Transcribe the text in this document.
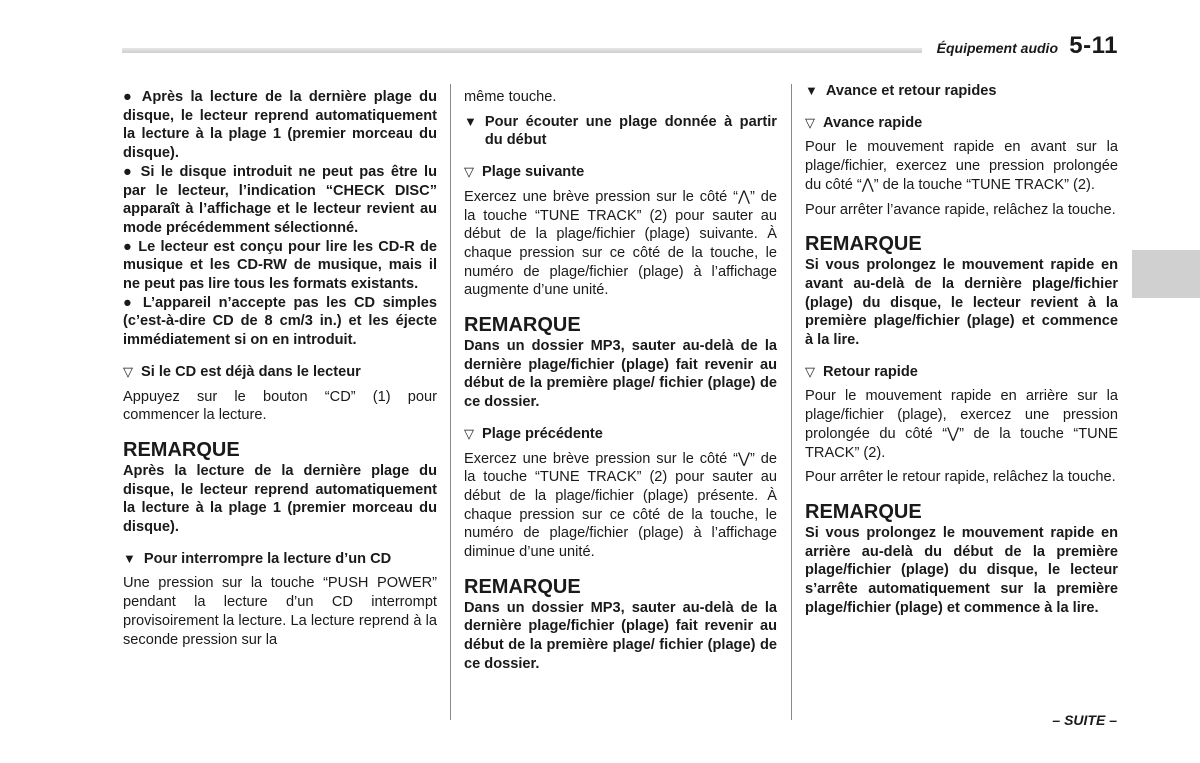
Équipement audio 5-11

● Après la lecture de la dernière plage du disque, le lecteur reprend automatiquement la lecture à la plage 1 (premier morceau du disque).

● Si le disque introduit ne peut pas être lu par le lecteur, l’indication “CHECK DISC” apparaît à l’affichage et le lecteur revient au mode précédemment sélectionné.

● Le lecteur est conçu pour lire les CD-R de musique et les CD-RW de musique, mais il ne peut pas lire tous les formats existants.

● L’appareil n’accepte pas les CD simples (c’est-à-dire CD de 8 cm/3 in.) et les éjecte immédiatement si on en introduit.

▽ Si le CD est déjà dans le lecteur

Appuyez sur le bouton “CD” (1) pour commencer la lecture.

REMARQUE

Après la lecture de la dernière plage du disque, le lecteur reprend automatiquement la lecture à la plage 1 (premier morceau du disque).

▼ Pour interrompre la lecture d’un CD

Une pression sur la touche “PUSH POWER” pendant la lecture d’un CD interrompt provisoirement la lecture. La lecture reprend à la seconde pression sur la

même touche.

▼ Pour écouter une plage donnée à partir du début

▽ Plage suivante

Exercez une brève pression sur le côté “⋀” de la touche “TUNE TRACK” (2) pour sauter au début de la plage/fichier (plage) suivante. À chaque pression sur ce côté de la touche, le numéro de plage/fichier (plage) à l’affichage augmente d’une unité.

REMARQUE

Dans un dossier MP3, sauter au-delà de la dernière plage/fichier (plage) fait revenir au début de la première plage/ fichier (plage) de ce dossier.

▽ Plage précédente

Exercez une brève pression sur le côté “⋁” de la touche “TUNE TRACK” (2) pour sauter au début de la plage/fichier (plage) présente. À chaque pression sur ce côté de la touche, le numéro de plage/fichier (plage) à l’affichage diminue d’une unité.

REMARQUE

Dans un dossier MP3, sauter au-delà de la dernière plage/fichier (plage) fait revenir au début de la première plage/ fichier (plage) de ce dossier.

▼ Avance et retour rapides

▽ Avance rapide

Pour le mouvement rapide en avant sur la plage/fichier, exercez une pression prolongée du côté “⋀” de la touche “TUNE TRACK” (2).

Pour arrêter l’avance rapide, relâchez la touche.

REMARQUE

Si vous prolongez le mouvement rapide en avant au-delà de la dernière plage/fichier (plage) du disque, le lecteur revient à la première plage/fichier (plage) et commence à la lire.

▽ Retour rapide

Pour le mouvement rapide en arrière sur la plage/fichier (plage), exercez une pression prolongée du côté “⋁” de la touche “TUNE TRACK” (2).

Pour arrêter le retour rapide, relâchez la touche.

REMARQUE

Si vous prolongez le mouvement rapide en arrière au-delà du début de la première plage/fichier (plage) du disque, le lecteur s’arrête automatiquement sur la première plage/fichier (plage) et commence à la lire.

– SUITE –
